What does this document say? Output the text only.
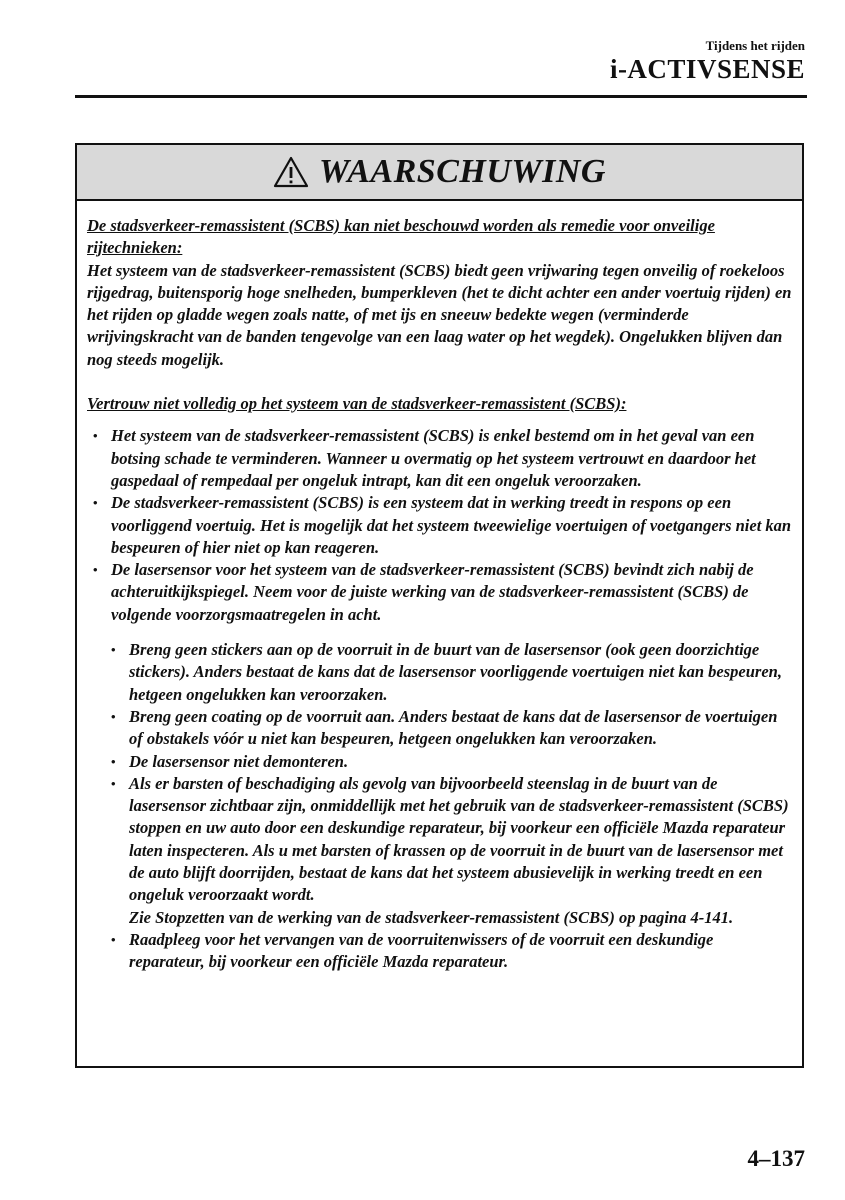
Tijdens het rijden
i-ACTIVSENSE
WAARSCHUWING

De stadsverkeer-remassistent (SCBS) kan niet beschouwd worden als remedie voor onveilige rijtechnieken:

Het systeem van de stadsverkeer-remassistent (SCBS) biedt geen vrijwaring tegen onveilig of roekeloos rijgedrag, buitensporig hoge snelheden, bumperkleven (het te dicht achter een ander voertuig rijden) en het rijden op gladde wegen zoals natte, of met ijs en sneeuw bedekte wegen (verminderde wrijvingskracht van de banden tengevolge van een laag water op het wegdek). Ongelukken blijven dan nog steeds mogelijk.

Vertrouw niet volledig op het systeem van de stadsverkeer-remassistent (SCBS):

• Het systeem van de stadsverkeer-remassistent (SCBS) is enkel bestemd om in het geval van een botsing schade te verminderen. Wanneer u overmatig op het systeem vertrouwt en daardoor het gaspedaal of rempedaal per ongeluk intrapt, kan dit een ongeluk veroorzaken.
• De stadsverkeer-remassistent (SCBS) is een systeem dat in werking treedt in respons op een voorliggend voertuig. Het is mogelijk dat het systeem tweewielige voertuigen of voetgangers niet kan bespeuren of hier niet op kan reageren.
• De lasersensor voor het systeem van de stadsverkeer-remassistent (SCBS) bevindt zich nabij de achteruitkijkspiegel. Neem voor de juiste werking van de stadsverkeer-remassistent (SCBS) de volgende voorzorgsmaatregelen in acht.
• Breng geen stickers aan op de voorruit in de buurt van de lasersensor (ook geen doorzichtige stickers). Anders bestaat de kans dat de lasersensor voorliggende voertuigen niet kan bespeuren, hetgeen ongelukken kan veroorzaken.
• Breng geen coating op de voorruit aan. Anders bestaat de kans dat de lasersensor de voertuigen of obstakels vóór u niet kan bespeuren, hetgeen ongelukken kan veroorzaken.
• De lasersensor niet demonteren.
• Als er barsten of beschadiging als gevolg van bijvoorbeeld steenslag in de buurt van de lasersensor zichtbaar zijn, onmiddellijk met het gebruik van de stadsverkeer-remassistent (SCBS) stoppen en uw auto door een deskundige reparateur, bij voorkeur een officiële Mazda reparateur laten inspecteren. Als u met barsten of krassen op de voorruit in de buurt van de lasersensor met de auto blijft doorrijden, bestaat de kans dat het systeem abusievelijk in werking treedt en een ongeluk veroorzaakt wordt.
Zie Stopzetten van de werking van de stadsverkeer-remassistent (SCBS) op pagina 4-141.
• Raadpleeg voor het vervangen van de voorruitenwissers of de voorruit een deskundige reparateur, bij voorkeur een officiële Mazda reparateur.
4–137
